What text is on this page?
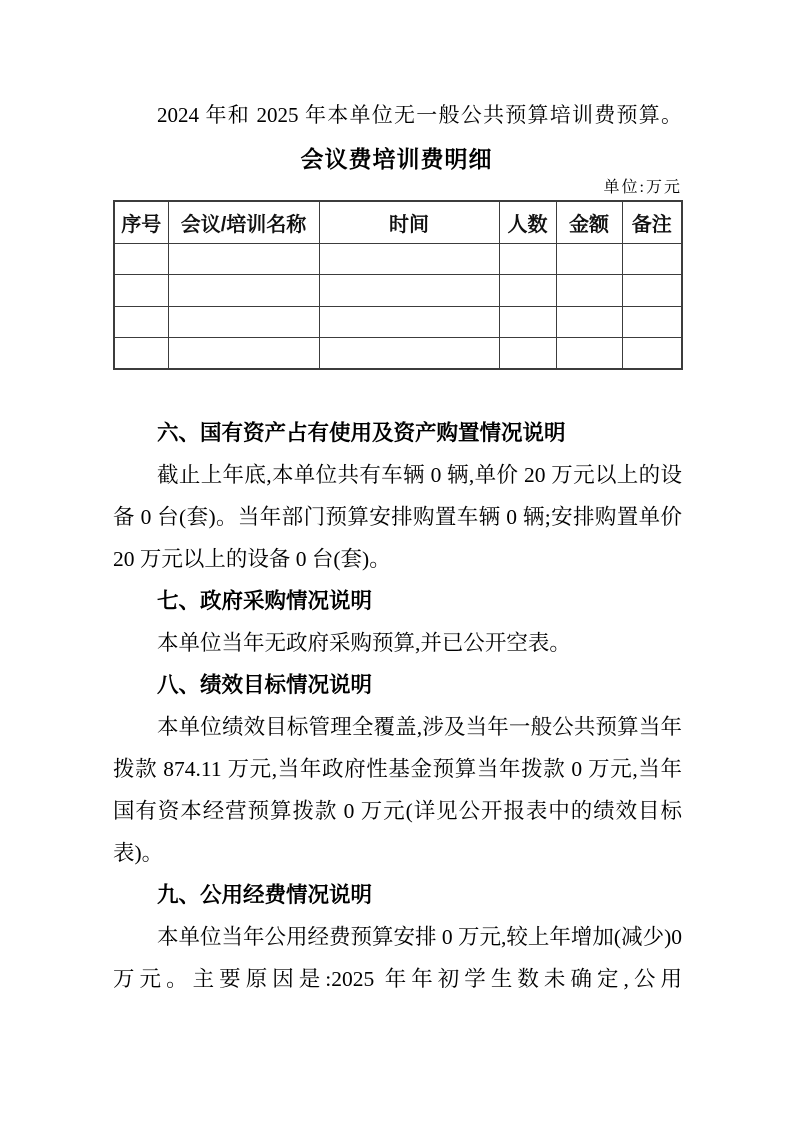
2024 年和 2025 年本单位无一般公共预算培训费预算。

会议费培训费明细
单位:万元
序号	会议/培训名称	时间	人数	金额	备注

六、国有资产占有使用及资产购置情况说明

截止上年底,本单位共有车辆 0 辆,单价 20 万元以上的设备 0 台(套)。当年部门预算安排购置车辆 0 辆;安排购置单价 20 万元以上的设备 0 台(套)。

七、政府采购情况说明

本单位当年无政府采购预算,并已公开空表。

八、绩效目标情况说明

本单位绩效目标管理全覆盖,涉及当年一般公共预算当年拨款 874.11 万元,当年政府性基金预算当年拨款 0 万元,当年国有资本经营预算拨款 0 万元(详见公开报表中的绩效目标表)。

九、公用经费情况说明

本单位当年公用经费预算安排 0 万元,较上年增加(减少)0 万元。主要原因是:2025 年年初学生数未确定,公用
